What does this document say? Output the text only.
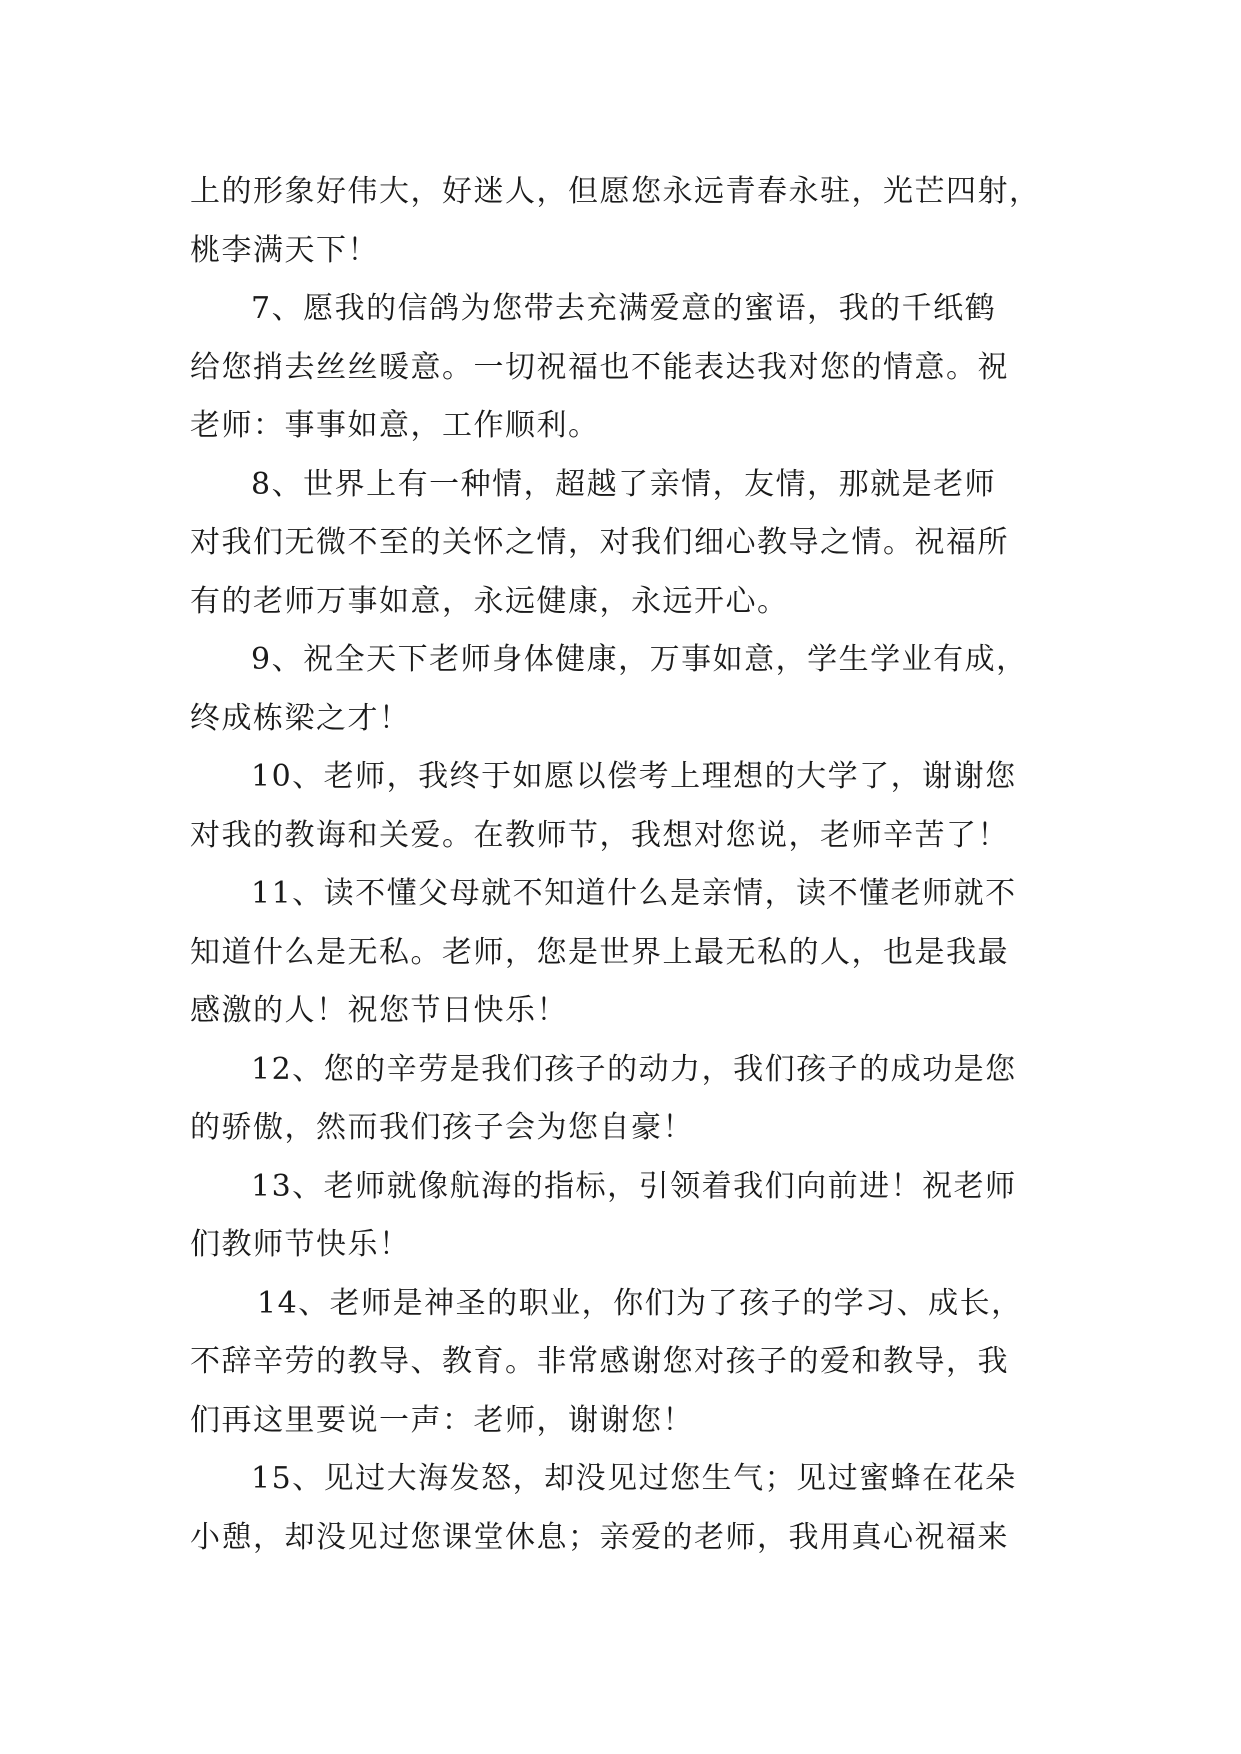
上的形象好伟大，好迷人，但愿您永远青春永驻，光芒四射，
桃李满天下！
7、愿我的信鸽为您带去充满爱意的蜜语，我的千纸鹤
给您捎去丝丝暖意。一切祝福也不能表达我对您的情意。祝
老师：事事如意，工作顺利。
8、世界上有一种情，超越了亲情，友情，那就是老师
对我们无微不至的关怀之情，对我们细心教导之情。祝福所
有的老师万事如意，永远健康，永远开心。
9、祝全天下老师身体健康，万事如意，学生学业有成，
终成栋梁之才！
10、老师，我终于如愿以偿考上理想的大学了，谢谢您
对我的教诲和关爱。在教师节，我想对您说，老师辛苦了！
11、读不懂父母就不知道什么是亲情，读不懂老师就不
知道什么是无私。老师，您是世界上最无私的人，也是我最
感激的人！祝您节日快乐！
12、您的辛劳是我们孩子的动力，我们孩子的成功是您
的骄傲，然而我们孩子会为您自豪！
13、老师就像航海的指标，引领着我们向前进！祝老师
们教师节快乐！
14、老师是神圣的职业，你们为了孩子的学习、成长，
不辞辛劳的教导、教育。非常感谢您对孩子的爱和教导，我
们再这里要说一声：老师，谢谢您！
15、见过大海发怒，却没见过您生气；见过蜜蜂在花朵
小憩，却没见过您课堂休息；亲爱的老师，我用真心祝福来
